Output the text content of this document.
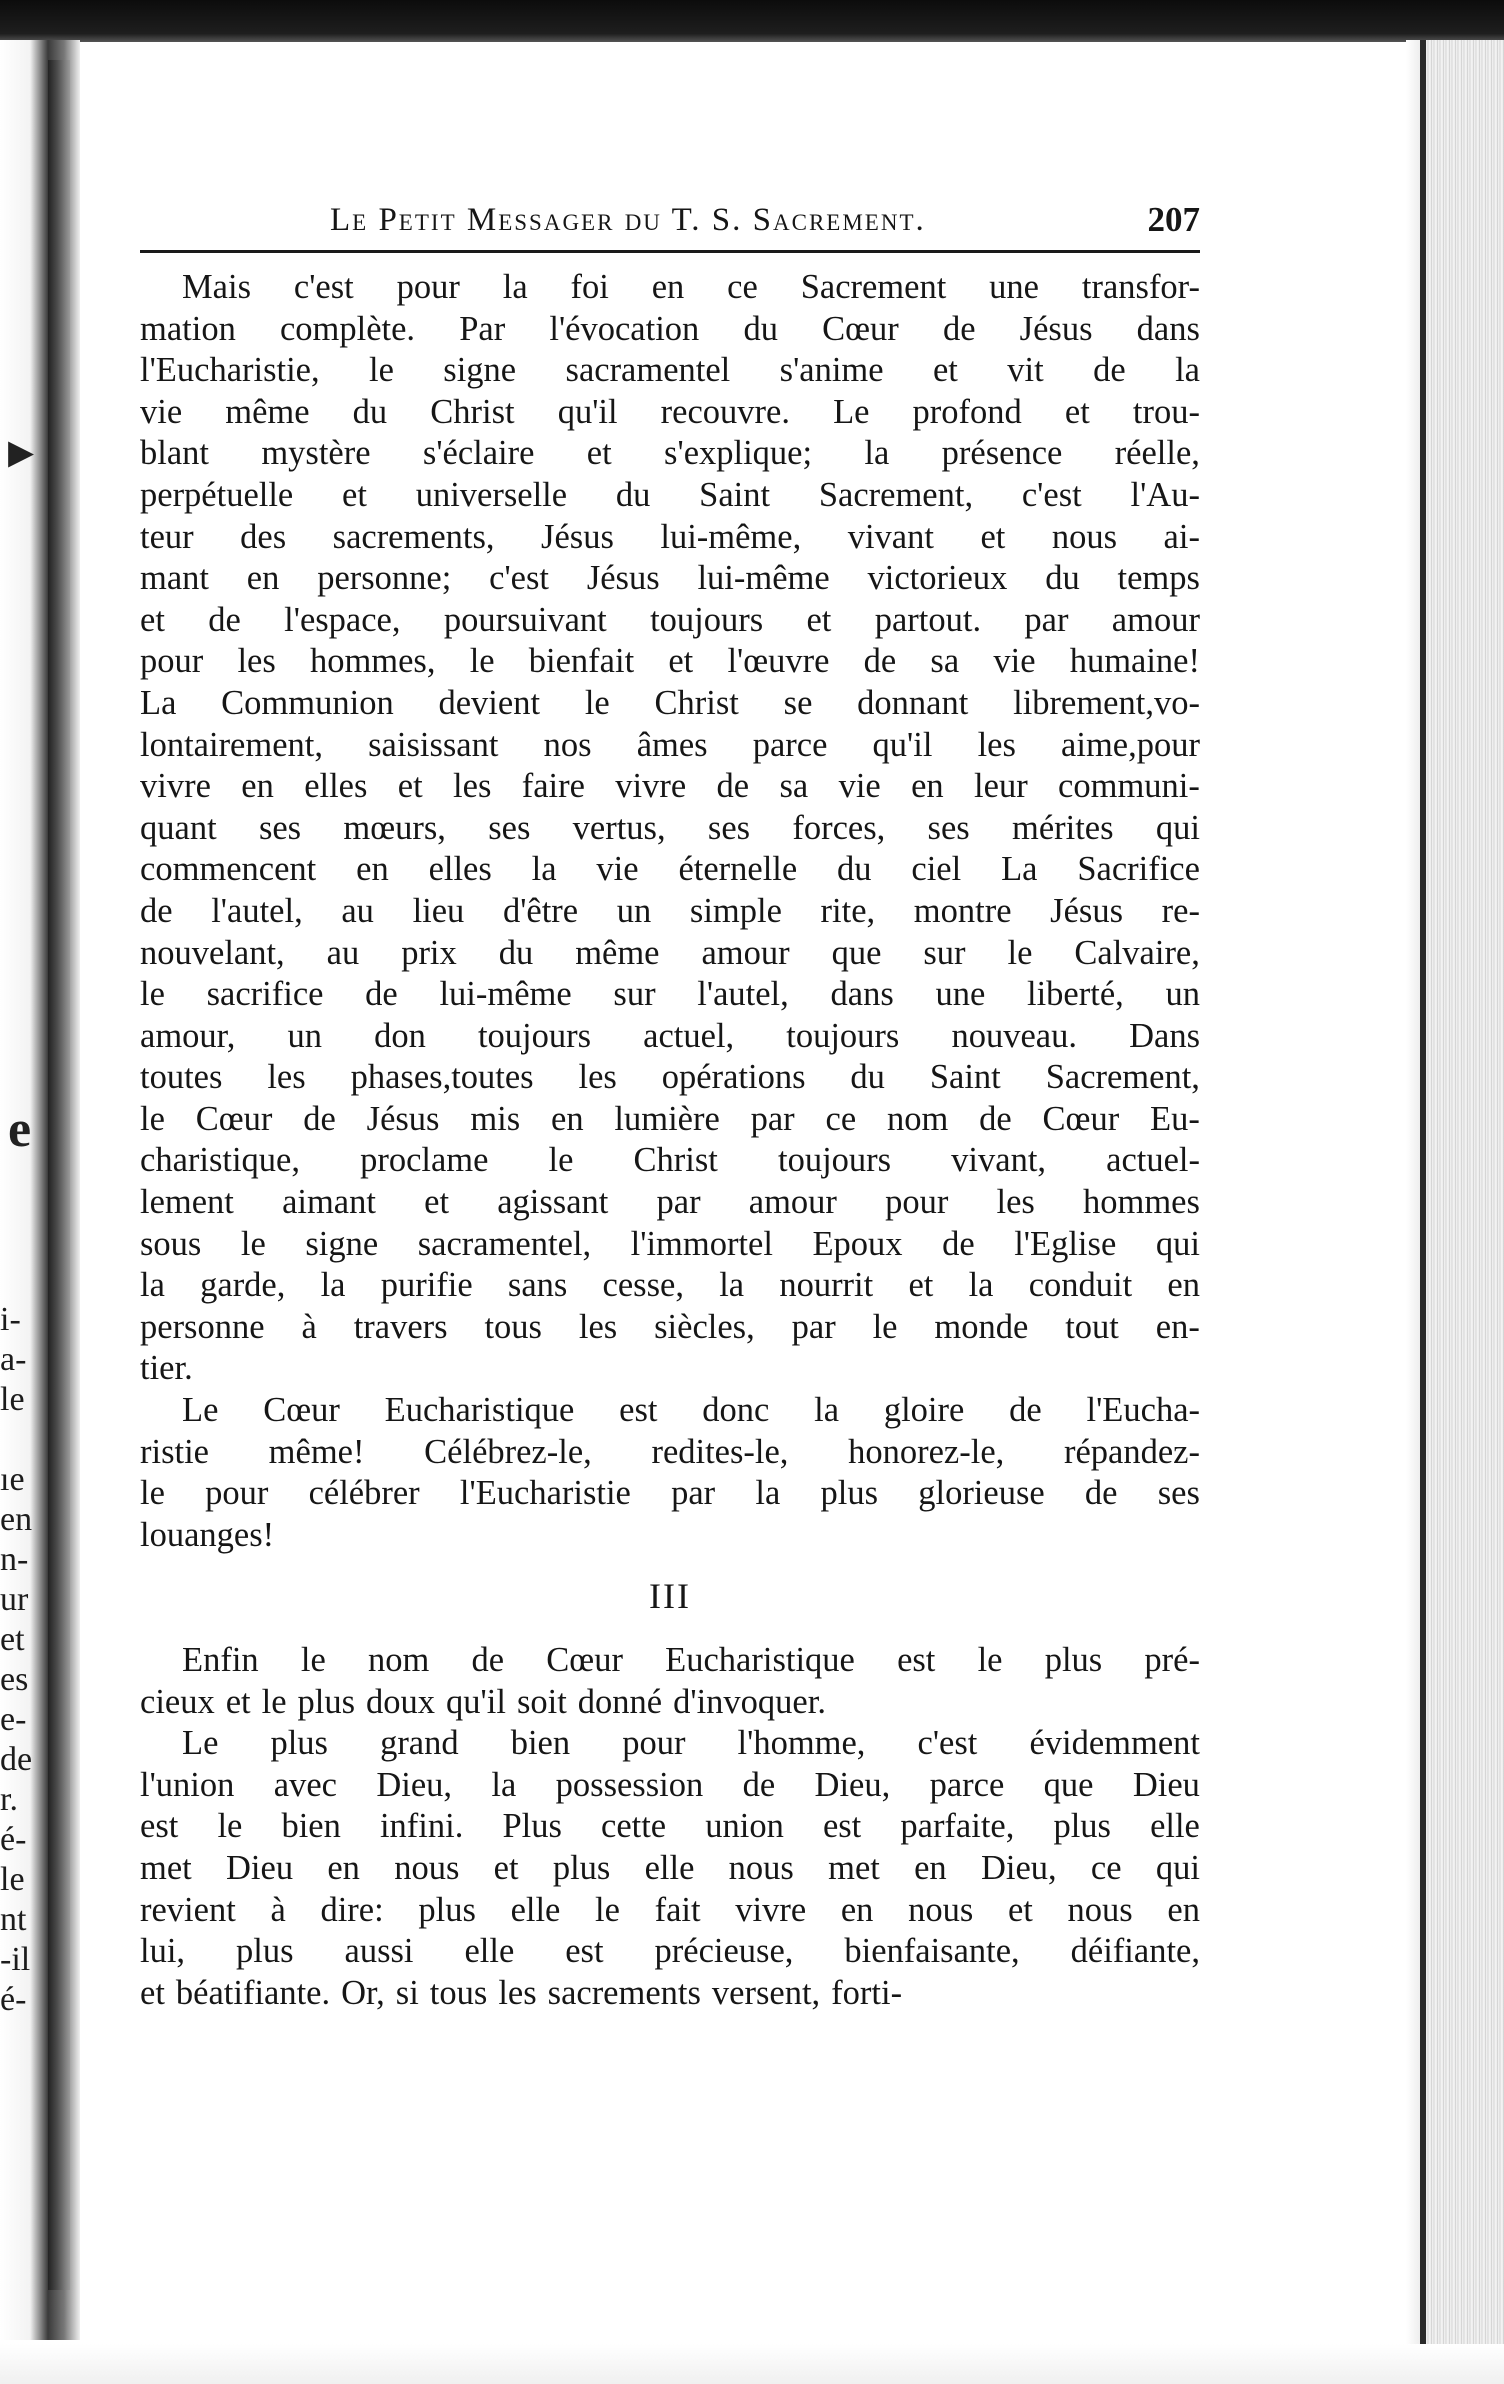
▸
e
i-
a-
le
ıe
en
n-
ur
et
es
e-
de
r.
é-
le
nt
-il
é-
Le Petit Messager du T. S. Sacrement.	207
Mais c'est pour la foi en ce Sacrement une transfor-
mation complète. Par l'évocation du Cœur de Jésus dans
l'Eucharistie, le signe sacramentel s'anime et vit de la
vie même du Christ qu'il recouvre. Le profond et trou-
blant mystère s'éclaire et s'explique; la présence réelle,
perpétuelle et universelle du Saint Sacrement, c'est l'Au-
teur des sacrements, Jésus lui-même, vivant et nous ai-
mant en personne; c'est Jésus lui-même victorieux du temps
et de l'espace, poursuivant toujours et partout. par amour
pour les hommes, le bienfait et l'œuvre de sa vie humaine!
La Communion devient le Christ se donnant librement,vo-
lontairement, saisissant nos âmes parce qu'il les aime,pour
vivre en elles et les faire vivre de sa vie en leur communi-
quant ses mœurs, ses vertus, ses forces, ses mérites qui
commencent en elles la vie éternelle du ciel La Sacrifice
de l'autel, au lieu d'être un simple rite, montre Jésus re-
nouvelant, au prix du même amour que sur le Calvaire,
le sacrifice de lui-même sur l'autel, dans une liberté, un
amour, un don toujours actuel, toujours nouveau. Dans
toutes les phases,toutes les opérations du Saint Sacrement,
le Cœur de Jésus mis en lumière par ce nom de Cœur Eu-
charistique, proclame le Christ toujours vivant, actuel-
lement aimant et agissant par amour pour les hommes
sous le signe sacramentel, l'immortel Epoux de l'Eglise qui
la garde, la purifie sans cesse, la nourrit et la conduit en
personne à travers tous les siècles, par le monde tout en-
tier.
Le Cœur Eucharistique est donc la gloire de l'Eucha-
ristie même! Célébrez-le, redites-le, honorez-le, répandez-
le pour célébrer l'Eucharistie par la plus glorieuse de ses
louanges!
III
Enfin le nom de Cœur Eucharistique est le plus pré-
cieux et le plus doux qu'il soit donné d'invoquer.
Le plus grand bien pour l'homme, c'est évidemment
l'union avec Dieu, la possession de Dieu, parce que Dieu
est le bien infini. Plus cette union est parfaite, plus elle
met Dieu en nous et plus elle nous met en Dieu, ce qui
revient à dire: plus elle le fait vivre en nous et nous en
lui, plus aussi elle est précieuse, bienfaisante, déifiante,
et béatifiante. Or, si tous les sacrements versent, forti-
